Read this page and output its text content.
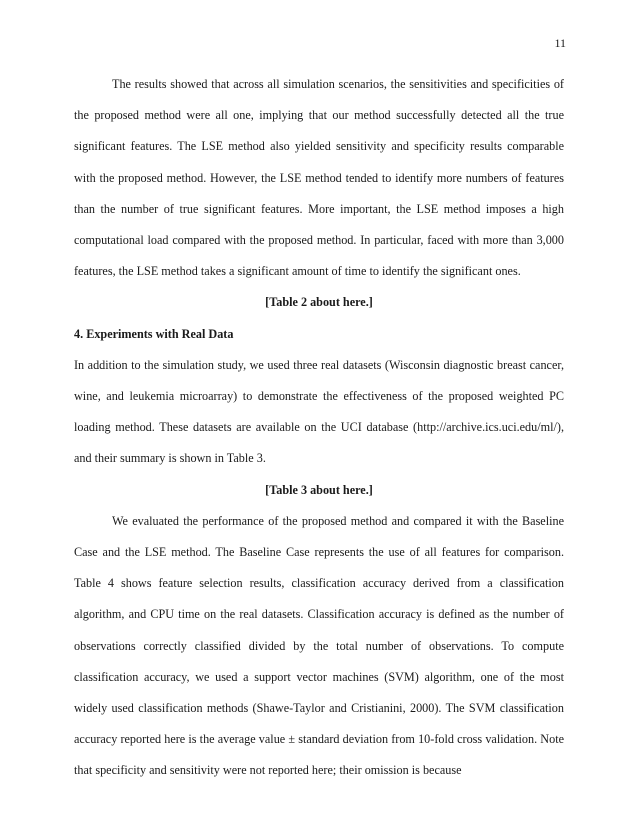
11

The results showed that across all simulation scenarios, the sensitivities and specificities of the proposed method were all one, implying that our method successfully detected all the true significant features. The LSE method also yielded sensitivity and specificity results comparable with the proposed method. However, the LSE method tended to identify more numbers of features than the number of true significant features. More important, the LSE method imposes a high computational load compared with the proposed method. In particular, faced with more than 3,000 features, the LSE method takes a significant amount of time to identify the significant ones.

[Table 2 about here.]

4. Experiments with Real Data

In addition to the simulation study, we used three real datasets (Wisconsin diagnostic breast cancer, wine, and leukemia microarray) to demonstrate the effectiveness of the proposed weighted PC loading method. These datasets are available on the UCI database (http://archive.ics.uci.edu/ml/), and their summary is shown in Table 3.

[Table 3 about here.]

We evaluated the performance of the proposed method and compared it with the Baseline Case and the LSE method. The Baseline Case represents the use of all features for comparison. Table 4 shows feature selection results, classification accuracy derived from a classification algorithm, and CPU time on the real datasets. Classification accuracy is defined as the number of observations correctly classified divided by the total number of observations. To compute classification accuracy, we used a support vector machines (SVM) algorithm, one of the most widely used classification methods (Shawe-Taylor and Cristianini, 2000). The SVM classification accuracy reported here is the average value ± standard deviation from 10-fold cross validation. Note that specificity and sensitivity were not reported here; their omission is because
